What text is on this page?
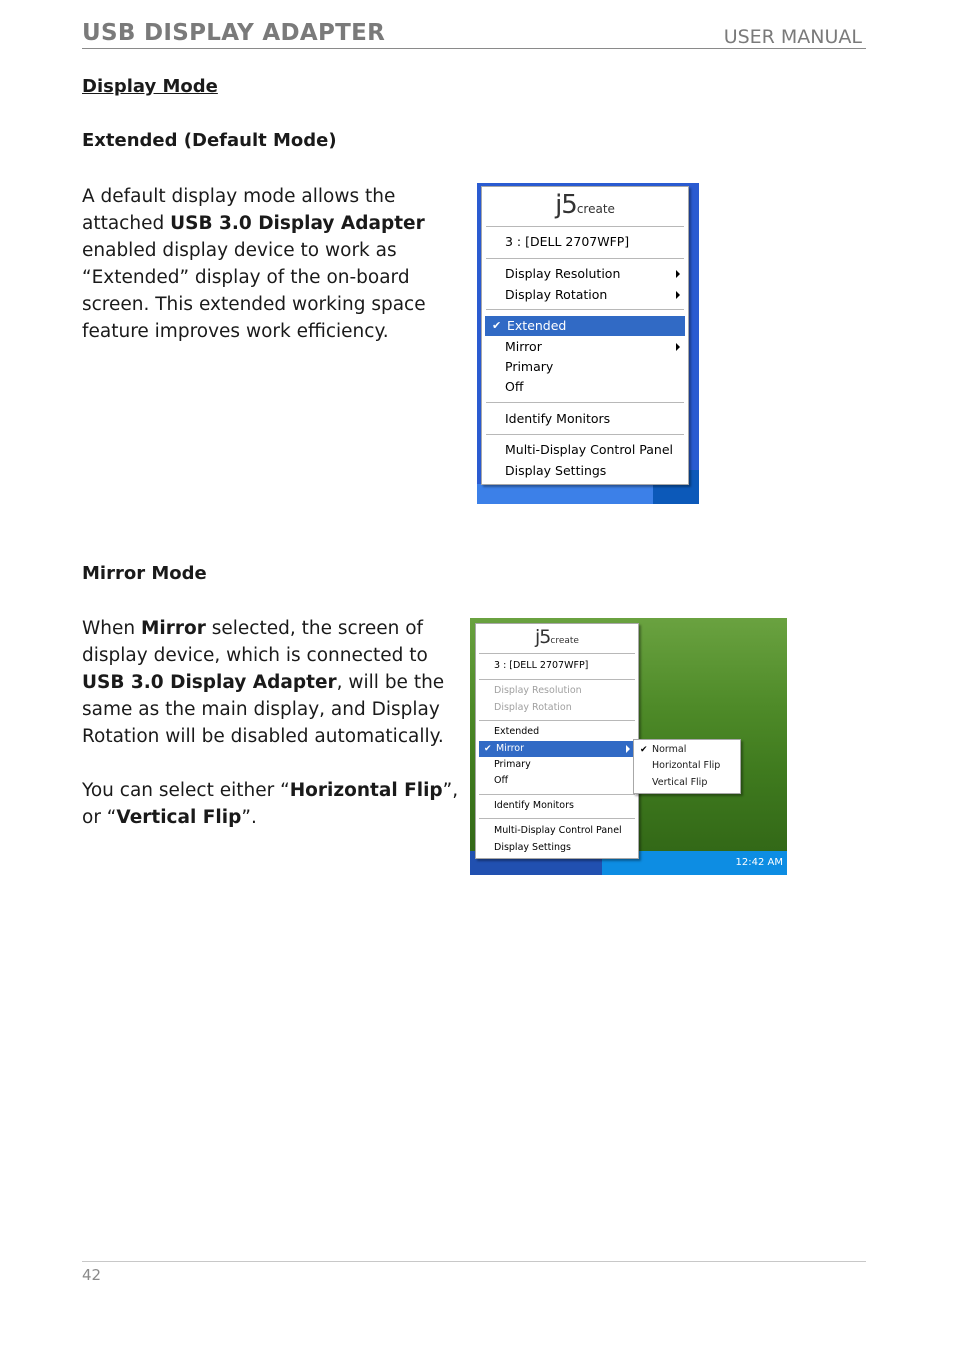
USB DISPLAY ADAPTER	USER MANUAL
Display Mode
Extended (Default Mode)
A default display mode allows the attached USB 3.0 Display Adapter enabled display device to work as “Extended” display of the on-board screen. This extended working space feature improves work efficiency.
j5create
3 : [DELL 2707WFP]
Display Resolution
Display Rotation
✔ Extended
Mirror
Primary
Off
Identify Monitors
Multi-Display Control Panel
Display Settings
Mirror Mode
When Mirror selected, the screen of display device, which is connected to USB 3.0 Display Adapter, will be the same as the main display, and Display Rotation will be disabled automatically.
You can select either “Horizontal Flip”, or “Vertical Flip”.
12:42 AM
j5create
3 : [DELL 2707WFP]
Display Resolution
Display Rotation
Extended
✔ Mirror
Primary
Off
Identify Monitors
Multi-Display Control Panel
Display Settings
✔ Normal
Horizontal Flip
Vertical Flip
42
